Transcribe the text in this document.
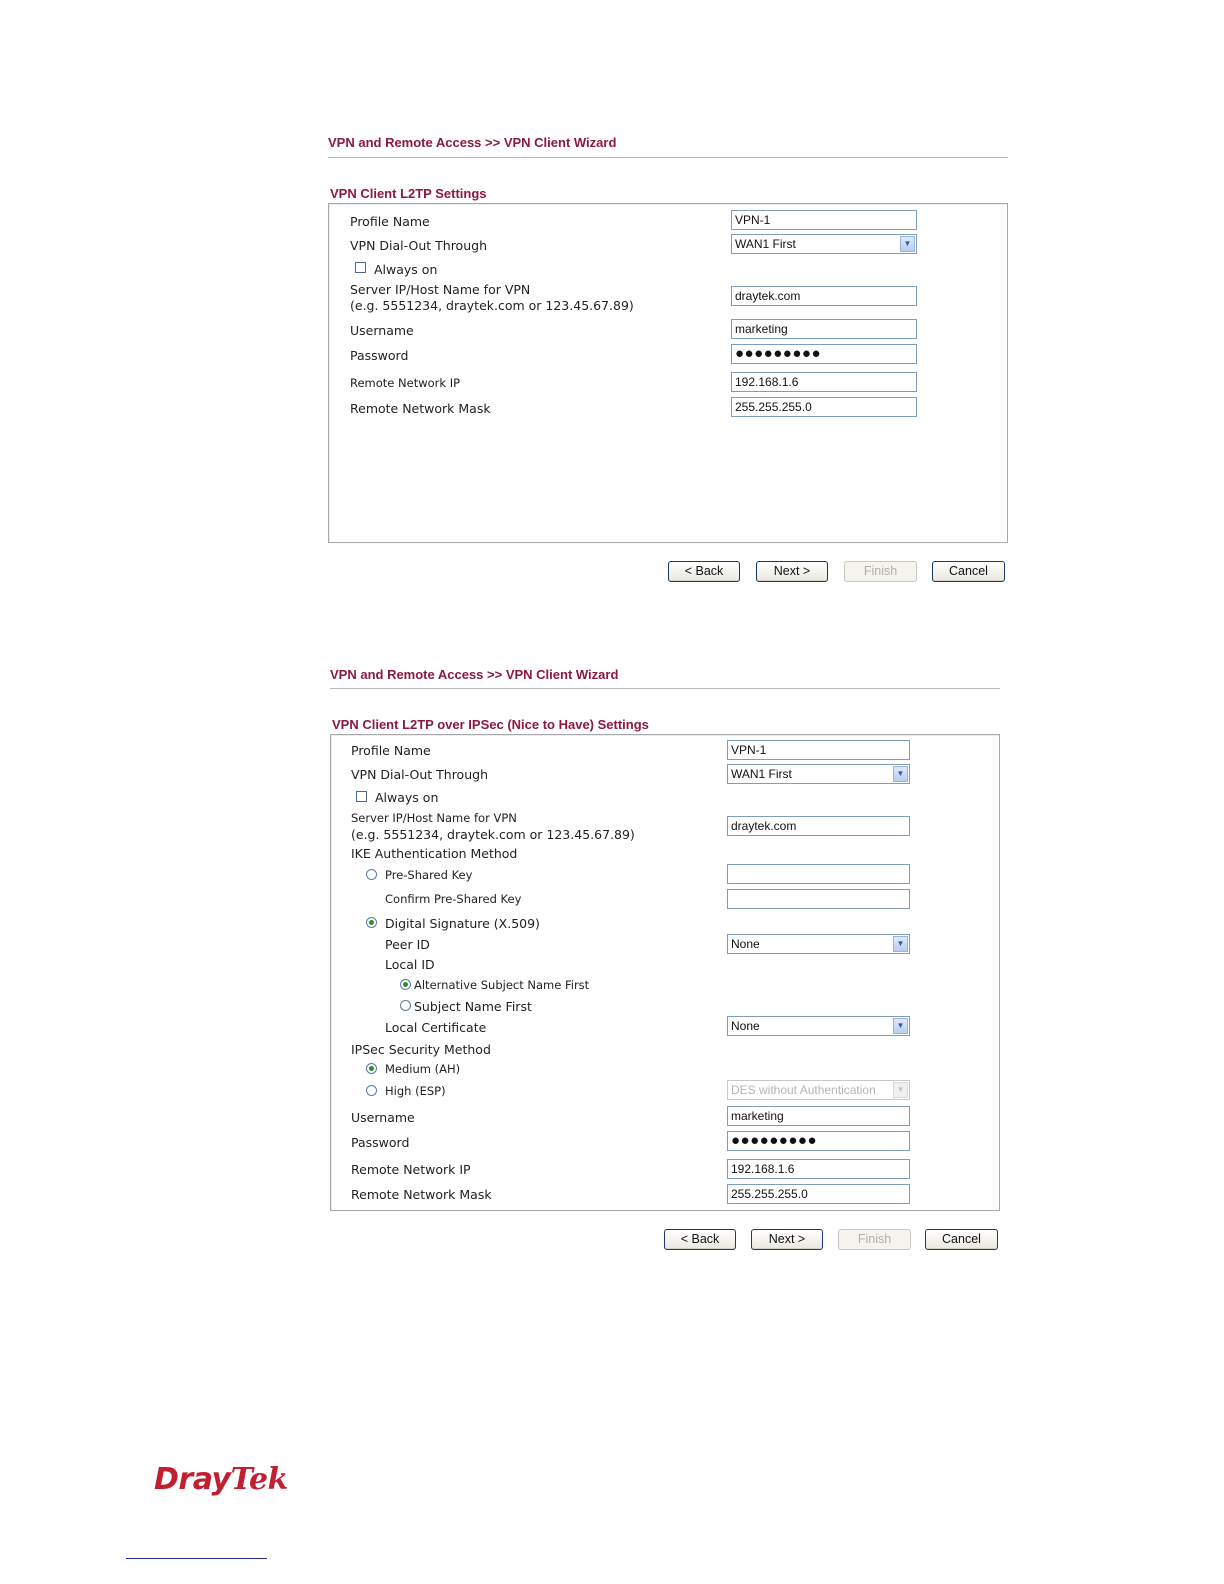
VPN and Remote Access >> VPN Client Wizard
VPN Client L2TP Settings
Profile Name	VPN-1
VPN Dial-Out Through	WAN1 First	▼
Always on
Server IP/Host Name for VPN
(e.g. 5551234, draytek.com or 123.45.67.89)
draytek.com
Username	marketing
Password	●●●●●●●●●
Remote Network IP	192.168.1.6
Remote Network Mask	255.255.255.0
< Back	Next >	Finish	Cancel
VPN and Remote Access >> VPN Client Wizard
VPN Client L2TP over IPSec (Nice to Have) Settings
Profile Name	VPN-1
VPN Dial-Out Through	WAN1 First	▼
Always on
Server IP/Host Name for VPN
(e.g. 5551234, draytek.com or 123.45.67.89)
draytek.com
IKE Authentication Method
Pre-Shared Key
Confirm Pre-Shared Key
Digital Signature (X.509)
Peer ID	None	▼
Local ID
Alternative Subject Name First
Subject Name First
Local Certificate	None	▼
IPSec Security Method
Medium (AH)
High (ESP)	DES without Authentication	▼
Username	marketing
Password	●●●●●●●●●
Remote Network IP	192.168.1.6
Remote Network Mask	255.255.255.0
< Back	Next >	Finish	Cancel
DrayTek
